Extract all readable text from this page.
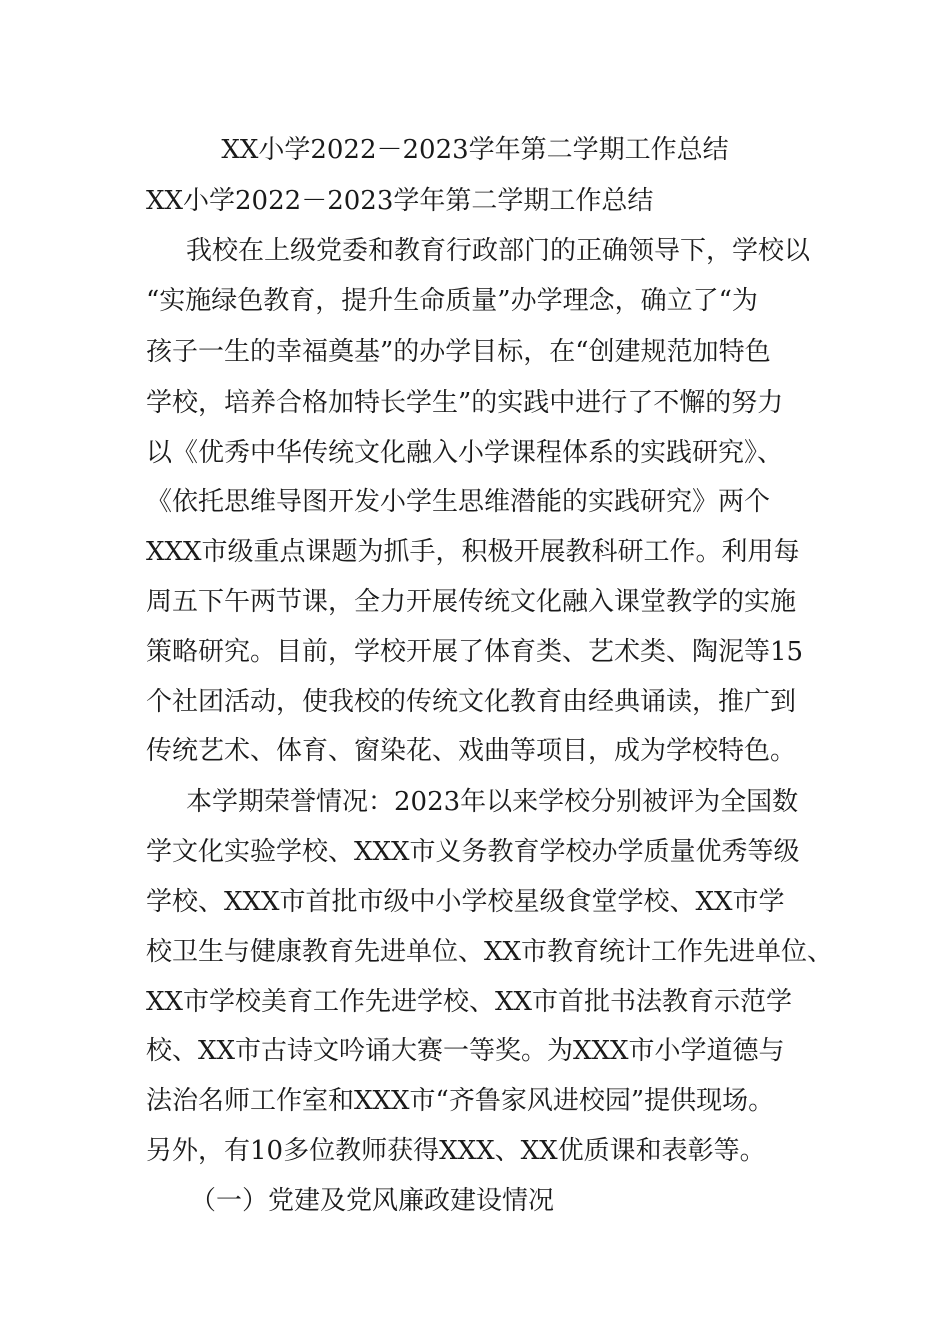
XX小学2022－2023学年第二学期工作总结
XX小学2022－2023学年第二学期工作总结
我校在上级党委和教育行政部门的正确领导下，学校以
“实施绿色教育，提升生命质量”办学理念，确立了“为
孩子一生的幸福奠基”的办学目标，在“创建规范加特色
学校，培养合格加特长学生”的实践中进行了不懈的努力
以《优秀中华传统文化融入小学课程体系的实践研究》、
《依托思维导图开发小学生思维潜能的实践研究》两个
XXX市级重点课题为抓手，积极开展教科研工作。利用每
周五下午两节课，全力开展传统文化融入课堂教学的实施
策略研究。目前，学校开展了体育类、艺术类、陶泥等15
个社团活动，使我校的传统文化教育由经典诵读，推广到
传统艺术、体育、窗染花、戏曲等项目，成为学校特色。
本学期荣誉情况：2023年以来学校分别被评为全国数
学文化实验学校、XXX市义务教育学校办学质量优秀等级
学校、XXX市首批市级中小学校星级食堂学校、XX市学
校卫生与健康教育先进单位、XX市教育统计工作先进单位、
XX市学校美育工作先进学校、XX市首批书法教育示范学
校、XX市古诗文吟诵大赛一等奖。为XXX市小学道德与
法治名师工作室和XXX市“齐鲁家风进校园”提供现场。
另外，有10多位教师获得XXX、XX优质课和表彰等。
（一）党建及党风廉政建设情况
